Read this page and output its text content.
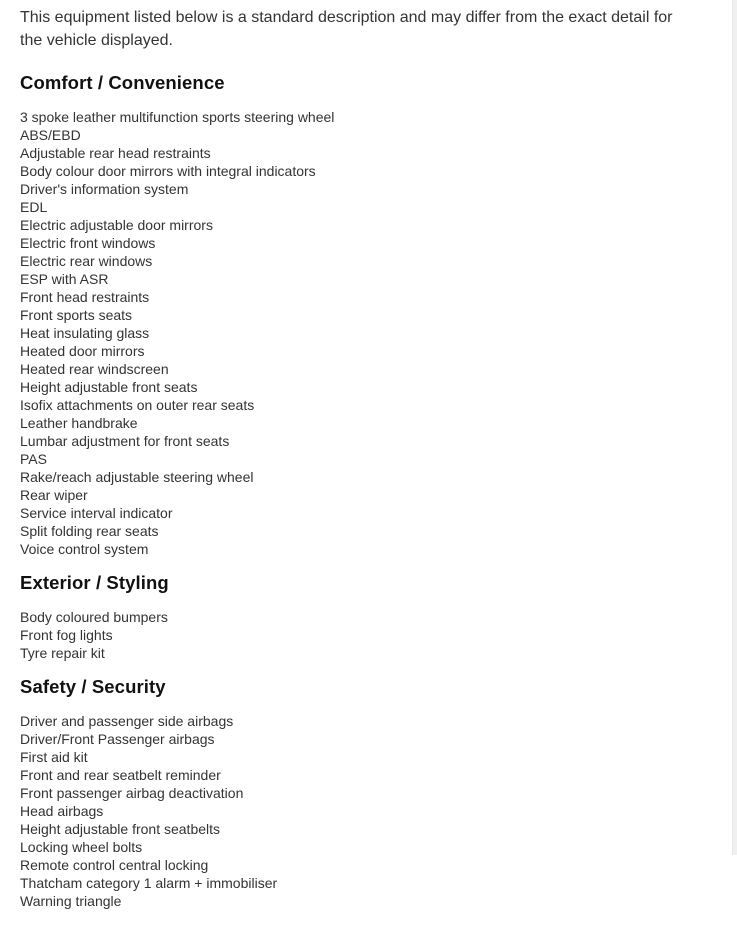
This equipment listed below is a standard description and may differ from the exact detail for the vehicle displayed.

Comfort / Convenience
3 spoke leather multifunction sports steering wheel
ABS/EBD
Adjustable rear head restraints
Body colour door mirrors with integral indicators
Driver's information system
EDL
Electric adjustable door mirrors
Electric front windows
Electric rear windows
ESP with ASR
Front head restraints
Front sports seats
Heat insulating glass
Heated door mirrors
Heated rear windscreen
Height adjustable front seats
Isofix attachments on outer rear seats
Leather handbrake
Lumbar adjustment for front seats
PAS
Rake/reach adjustable steering wheel
Rear wiper
Service interval indicator
Split folding rear seats
Voice control system
Exterior / Styling
Body coloured bumpers
Front fog lights
Tyre repair kit
Safety / Security
Driver and passenger side airbags
Driver/Front Passenger airbags
First aid kit
Front and rear seatbelt reminder
Front passenger airbag deactivation
Head airbags
Height adjustable front seatbelts
Locking wheel bolts
Remote control central locking
Thatcham category 1 alarm + immobiliser
Warning triangle
